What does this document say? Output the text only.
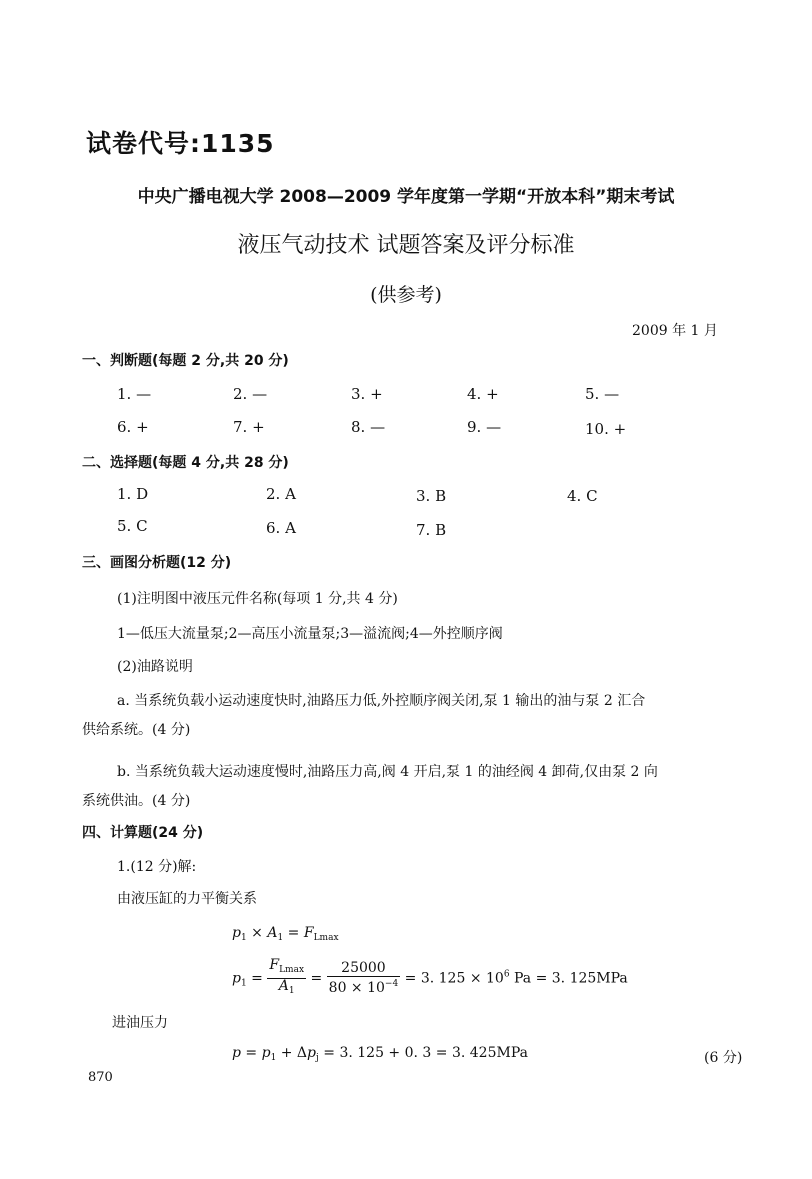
试卷代号:1135
中央广播电视大学 2008—2009 学年度第一学期“开放本科”期末考试
液压气动技术 试题答案及评分标准
(供参考)
2009 年 1 月
一、判断题(每题 2 分,共 20 分)
1. —	2. —	3. +	4. +	5. —
6. +	7. +	8. —	9. —	10. +
二、选择题(每题 4 分,共 28 分)
1. D	2. A	3. B	4. C
5. C	6. A	7. B
三、画图分析题(12 分)
(1)注明图中液压元件名称(每项 1 分,共 4 分)
1—低压大流量泵;2—高压小流量泵;3—溢流阀;4—外控顺序阀
(2)油路说明
a. 当系统负载小运动速度快时,油路压力低,外控顺序阀关闭,泵 1 输出的油与泵 2 汇合
供给系统。(4 分)
b. 当系统负载大运动速度慢时,油路压力高,阀 4 开启,泵 1 的油经阀 4 卸荷,仅由泵 2 向
系统供油。(4 分)
四、计算题(24 分)
1.(12 分)解:
由液压缸的力平衡关系
$p_1 \times A_1 = F_{Lmax}$
$p_1 = \frac{F_{Lmax}}{A_1} = \frac{25000}{80 \times 10^{-4}} = 3$. $125 \times 10^6$ Pa = 3. 125MPa
进油压力
$p = p_1 + \Delta p_j = 3$. 125 + 0. 3 = 3. 425MPa	(6 分)
870
